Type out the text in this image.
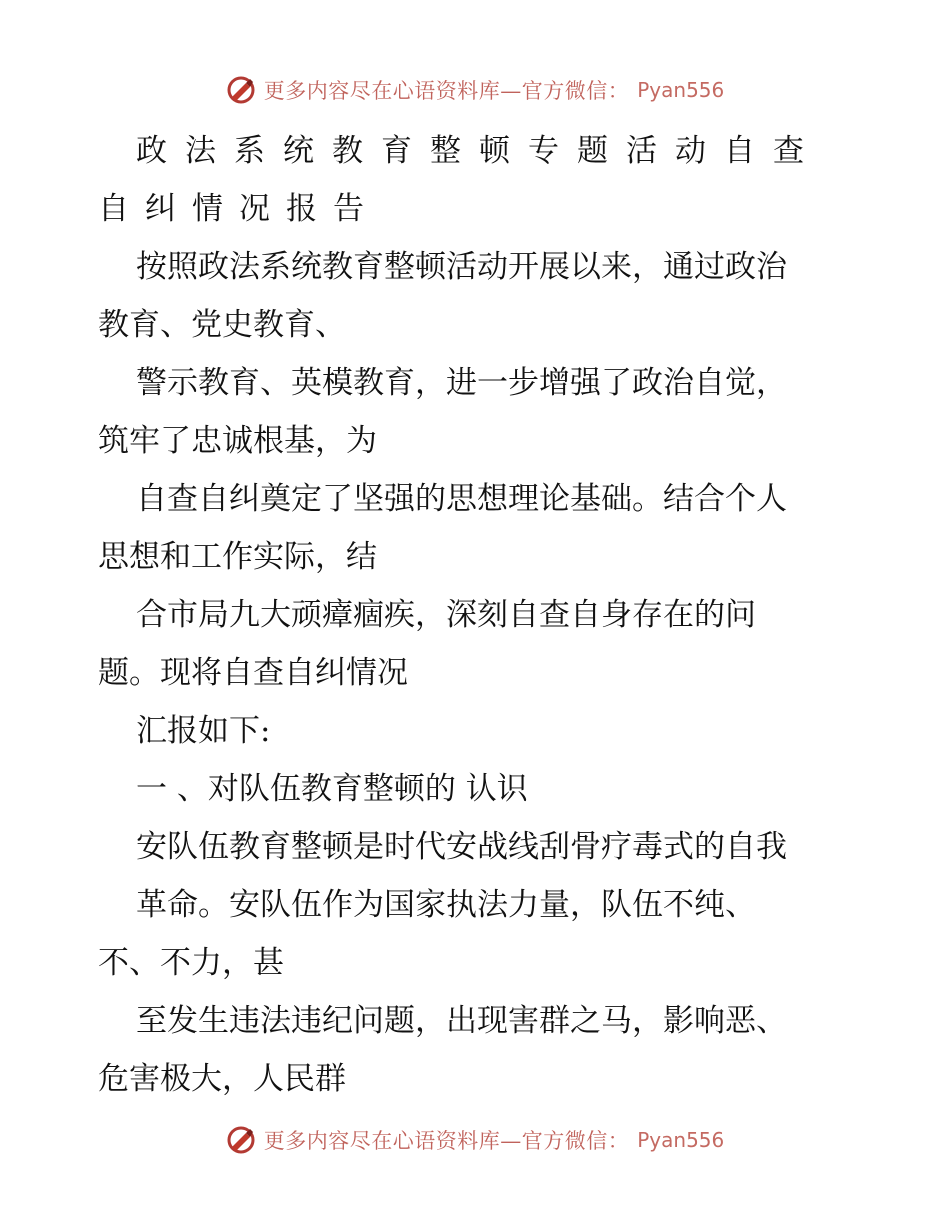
更多内容尽在心语资料库—官方微信： Pyan556
政法系统教育整顿专题活动自查
自纠情况报告
按照政法系统教育整顿活动开展以来，通过政治
教育、党史教育、
警示教育、英模教育，进一步增强了政治自觉，
筑牢了忠诚根基，为
自查自纠奠定了坚强的思想理论基础。结合个人
思想和工作实际，结
合市局九大顽瘴痼疾，深刻自查自身存在的问
题。现将自查自纠情况
汇报如下:
一 、对队伍教育整顿的 认识
安队伍教育整顿是时代安战线刮骨疗毒式的自我
革命。安队伍作为国家执法力量，队伍不纯、
不、不力，甚
至发生违法违纪问题，出现害群之马，影响恶、
危害极大，人民群
更多内容尽在心语资料库—官方微信： Pyan556
